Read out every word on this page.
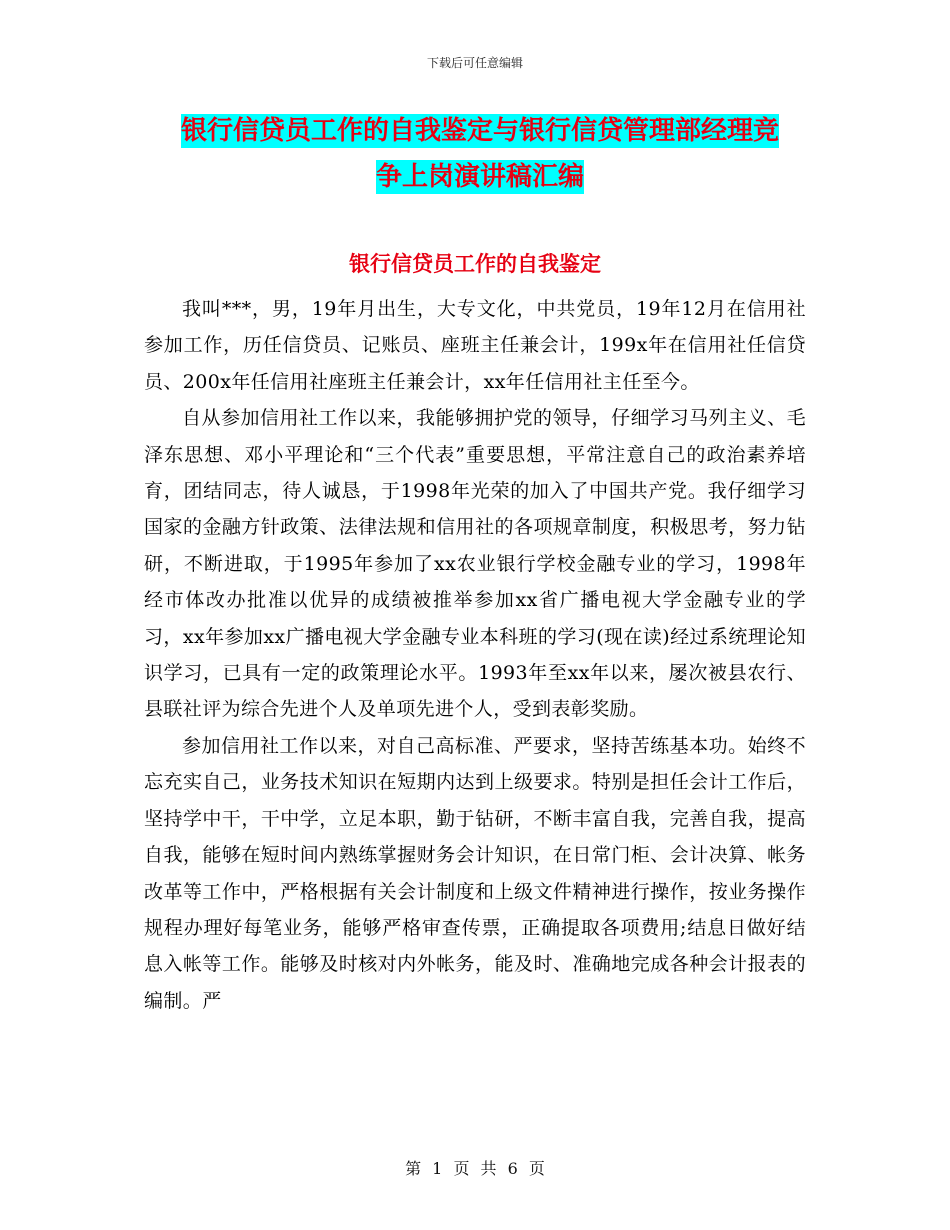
下载后可任意编辑
银行信贷员工作的自我鉴定与银行信贷管理部经理竞
争上岗演讲稿汇编
银行信贷员工作的自我鉴定

我叫***，男，19年月出生，大专文化，中共党员，19年12月在信用社参加工作，历任信贷员、记账员、座班主任兼会计，199x年在信用社任信贷员、200x年任信用社座班主任兼会计，xx年任信用社主任至今。

自从参加信用社工作以来，我能够拥护党的领导，仔细学习马列主义、毛泽东思想、邓小平理论和“三个代表”重要思想，平常注意自己的政治素养培育，团结同志，待人诚恳，于1998年光荣的加入了中国共产党。我仔细学习国家的金融方针政策、法律法规和信用社的各项规章制度，积极思考，努力钻研，不断进取，于1995年参加了xx农业银行学校金融专业的学习，1998年经市体改办批准以优异的成绩被推举参加xx省广播电视大学金融专业的学习，xx年参加xx广播电视大学金融专业本科班的学习(现在读)经过系统理论知识学习，已具有一定的政策理论水平。1993年至xx年以来，屡次被县农行、县联社评为综合先进个人及单项先进个人，受到表彰奖励。

参加信用社工作以来，对自己高标准、严要求，坚持苦练基本功。始终不忘充实自己，业务技术知识在短期内达到上级要求。特别是担任会计工作后，坚持学中干，干中学，立足本职，勤于钻研，不断丰富自我，完善自我，提高自我，能够在短时间内熟练掌握财务会计知识，在日常门柜、会计决算、帐务改革等工作中，严格根据有关会计制度和上级文件精神进行操作，按业务操作规程办理好每笔业务，能够严格审查传票，正确提取各项费用;结息日做好结息入帐等工作。能够及时核对内外帐务，能及时、准确地完成各种会计报表的编制。严

第 1 页 共 6 页
